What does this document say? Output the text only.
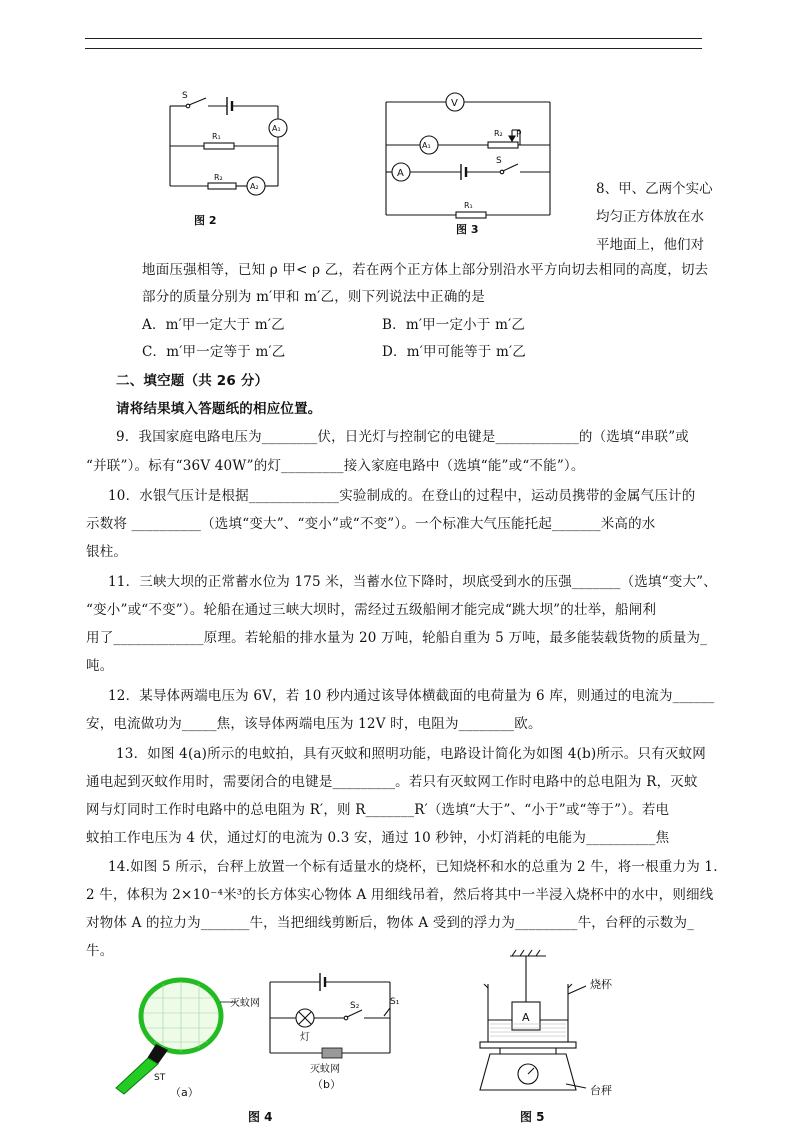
S
A₁
R₁
R₂
A₂
图 2
V
A₁
R₂ P
A
S
R₁
图 3
8、甲、乙两个实心
均匀正方体放在水
平地面上，他们对
地面压强相等，已知 ρ 甲< ρ 乙，若在两个正方体上部分别沿水平方向切去相同的高度，切去
部分的质量分别为 m′甲和 m′乙，则下列说法中正确的是
A．m′甲一定大于 m′乙	B．m′甲一定小于 m′乙
C．m′甲一定等于 m′乙	D．m′甲可能等于 m′乙
二、填空题（共 26 分）
请将结果填入答题纸的相应位置。
9．我国家庭电路电压为________伏，日光灯与控制它的电键是____________的（选填“串联”或
“并联”）。标有“36V 40W”的灯_________接入家庭电路中（选填“能”或“不能”）。
10．水银气压计是根据_____________实验制成的。在登山的过程中，运动员携带的金属气压计的
示数将 __________（选填“变大”、“变小”或“不变”）。一个标准大气压能托起_______米高的水
银柱。
11．三峡大坝的正常蓄水位为 175 米，当蓄水位下降时，坝底受到水的压强_______（选填“变大”、
“变小”或“不变”）。轮船在通过三峡大坝时，需经过五级船闸才能完成“跳大坝”的壮举，船闸利
用了_____________原理。若轮船的排水量为 20 万吨，轮船自重为 5 万吨，最多能装载货物的质量为_
吨。
12．某导体两端电压为 6V，若 10 秒内通过该导体横截面的电荷量为 6 库，则通过的电流为______
安，电流做功为_____焦，该导体两端电压为 12V 时，电阻为________欧。
13．如图 4(a)所示的电蚊拍，具有灭蚊和照明功能，电路设计简化为如图 4(b)所示。只有灭蚊网
通电起到灭蚊作用时，需要闭合的电键是_________。若只有灭蚊网工作时电路中的总电阻为 R，灭蚊
网与灯同时工作时电路中的总电阻为 R′，则 R_______R′（选填“大于”、“小于”或“等于”）。若电
蚊拍工作电压为 4 伏，通过灯的电流为 0.3 安，通过 10 秒钟，小灯消耗的电能为__________焦
14.如图 5 所示，台秤上放置一个标有适量水的烧杯，已知烧杯和水的总重为 2 牛，将一根重力为 1.
2 牛，体积为 2×10⁻⁴米³的长方体实心物体 A 用细线吊着，然后将其中一半浸入烧杯中的水中，则细线
对物体 A 的拉力为_______牛，当把细线剪断后，物体 A 受到的浮力为_________牛，台秤的示数为_
牛。
灭蚊网
ST
（a）
S₂	S₁
灯
灭蚊网
（b）
图 4
A
烧杯
台秤
图 5
